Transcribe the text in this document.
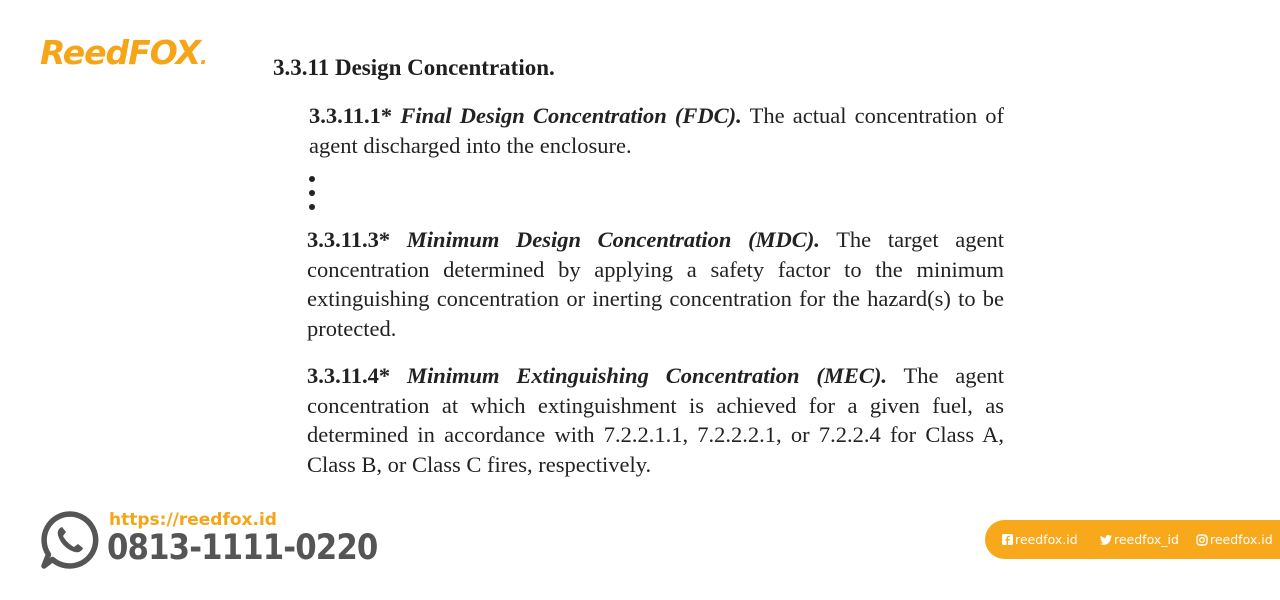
ReedFOX.	3.3.11 Design Concentration.
3.3.11.1* Final Design Concentration (FDC). The actual concentration of agent discharged into the enclosure.
3.3.11.3* Minimum Design Concentration (MDC). The target agent concentration determined by applying a safety factor to the minimum extinguishing concentration or inerting concentration for the hazard(s) to be protected.
3.3.11.4* Minimum Extinguishing Concentration (MEC). The agent concentration at which extinguishment is achieved for a given fuel, as determined in accordance with 7.2.2.1.1, 7.2.2.2.1, or 7.2.2.4 for Class A, Class B, or Class C fires, respectively.
https://reedfox.id
0813-1111-0220	reedfox.id	reedfox_id reedfox.id
